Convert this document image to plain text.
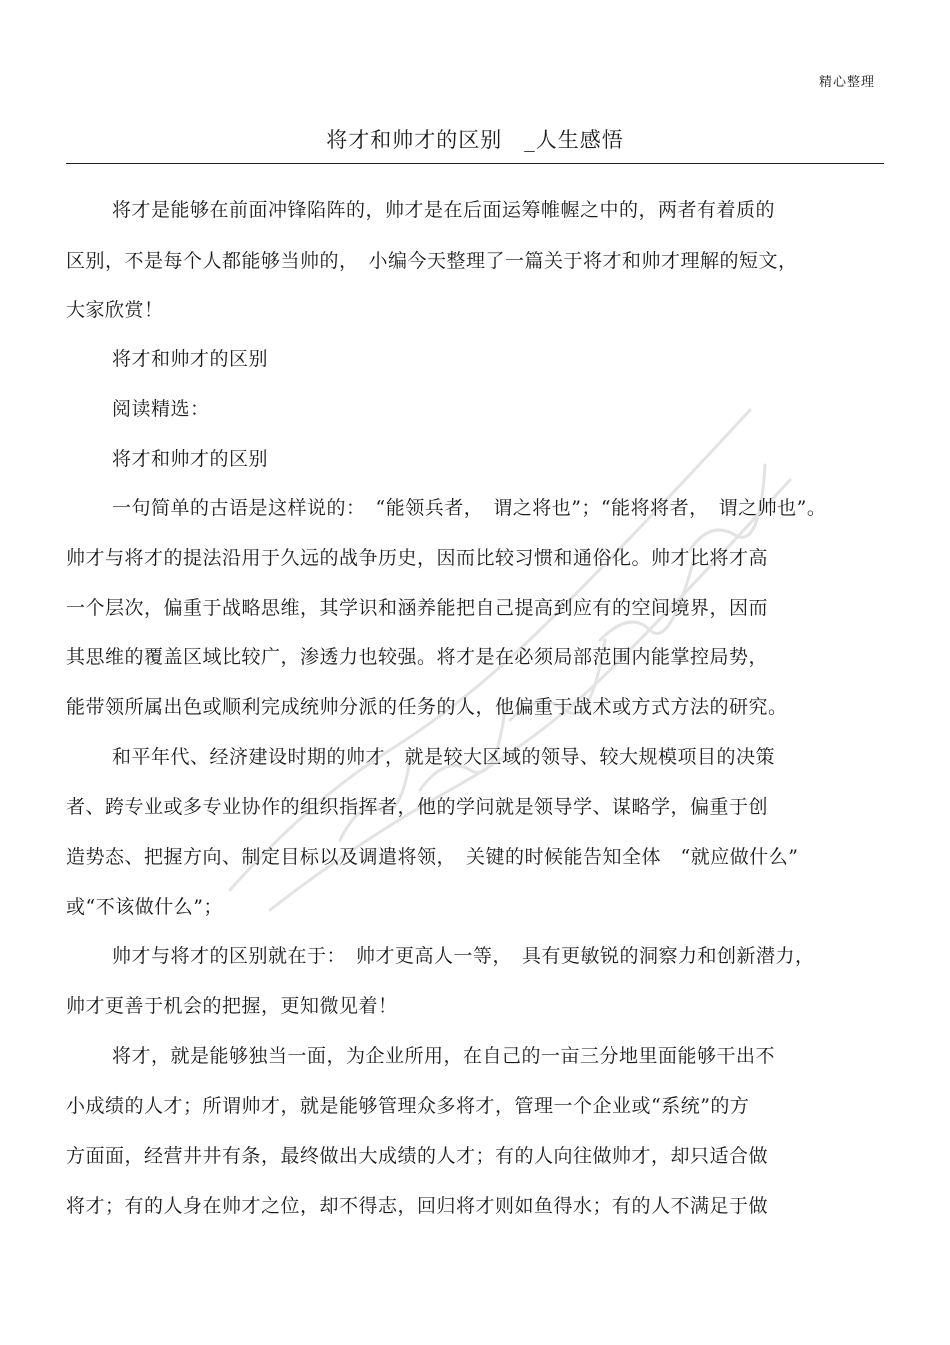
精心整理
将才和帅才的区别　_人生感悟
将才是能够在前面冲锋陷阵的，帅才是在后面运筹帷幄之中的，两者有着质的
区别，不是每个人都能够当帅的，　小编今天整理了一篇关于将才和帅才理解的短文，
大家欣赏！
将才和帅才的区别
阅读精选：
将才和帅才的区别
一句简单的古语是这样说的：　“能领兵者，　谓之将也”；“能将将者，　谓之帅也”。
帅才与将才的提法沿用于久远的战争历史，因而比较习惯和通俗化。帅才比将才高
一个层次，偏重于战略思维，其学识和涵养能把自己提高到应有的空间境界，因而
其思维的覆盖区域比较广，渗透力也较强。将才是在必须局部范围内能掌控局势，
能带领所属出色或顺利完成统帅分派的任务的人，他偏重于战术或方式方法的研究。
和平年代、经济建设时期的帅才，就是较大区域的领导、较大规模项目的决策
者、跨专业或多专业协作的组织指挥者，他的学问就是领导学、谋略学，偏重于创
造势态、把握方向、制定目标以及调遣将领，　关键的时候能告知全体　“就应做什么”
或“不该做什么”；
帅才与将才的区别就在于：　帅才更高人一等，　具有更敏锐的洞察力和创新潜力，
帅才更善于机会的把握，更知微见着！
将才，就是能够独当一面，为企业所用，在自己的一亩三分地里面能够干出不
小成绩的人才；所谓帅才，就是能够管理众多将才，管理一个企业或“系统”的方
方面面，经营井井有条，最终做出大成绩的人才；有的人向往做帅才，却只适合做
将才；有的人身在帅才之位，却不得志，回归将才则如鱼得水；有的人不满足于做
